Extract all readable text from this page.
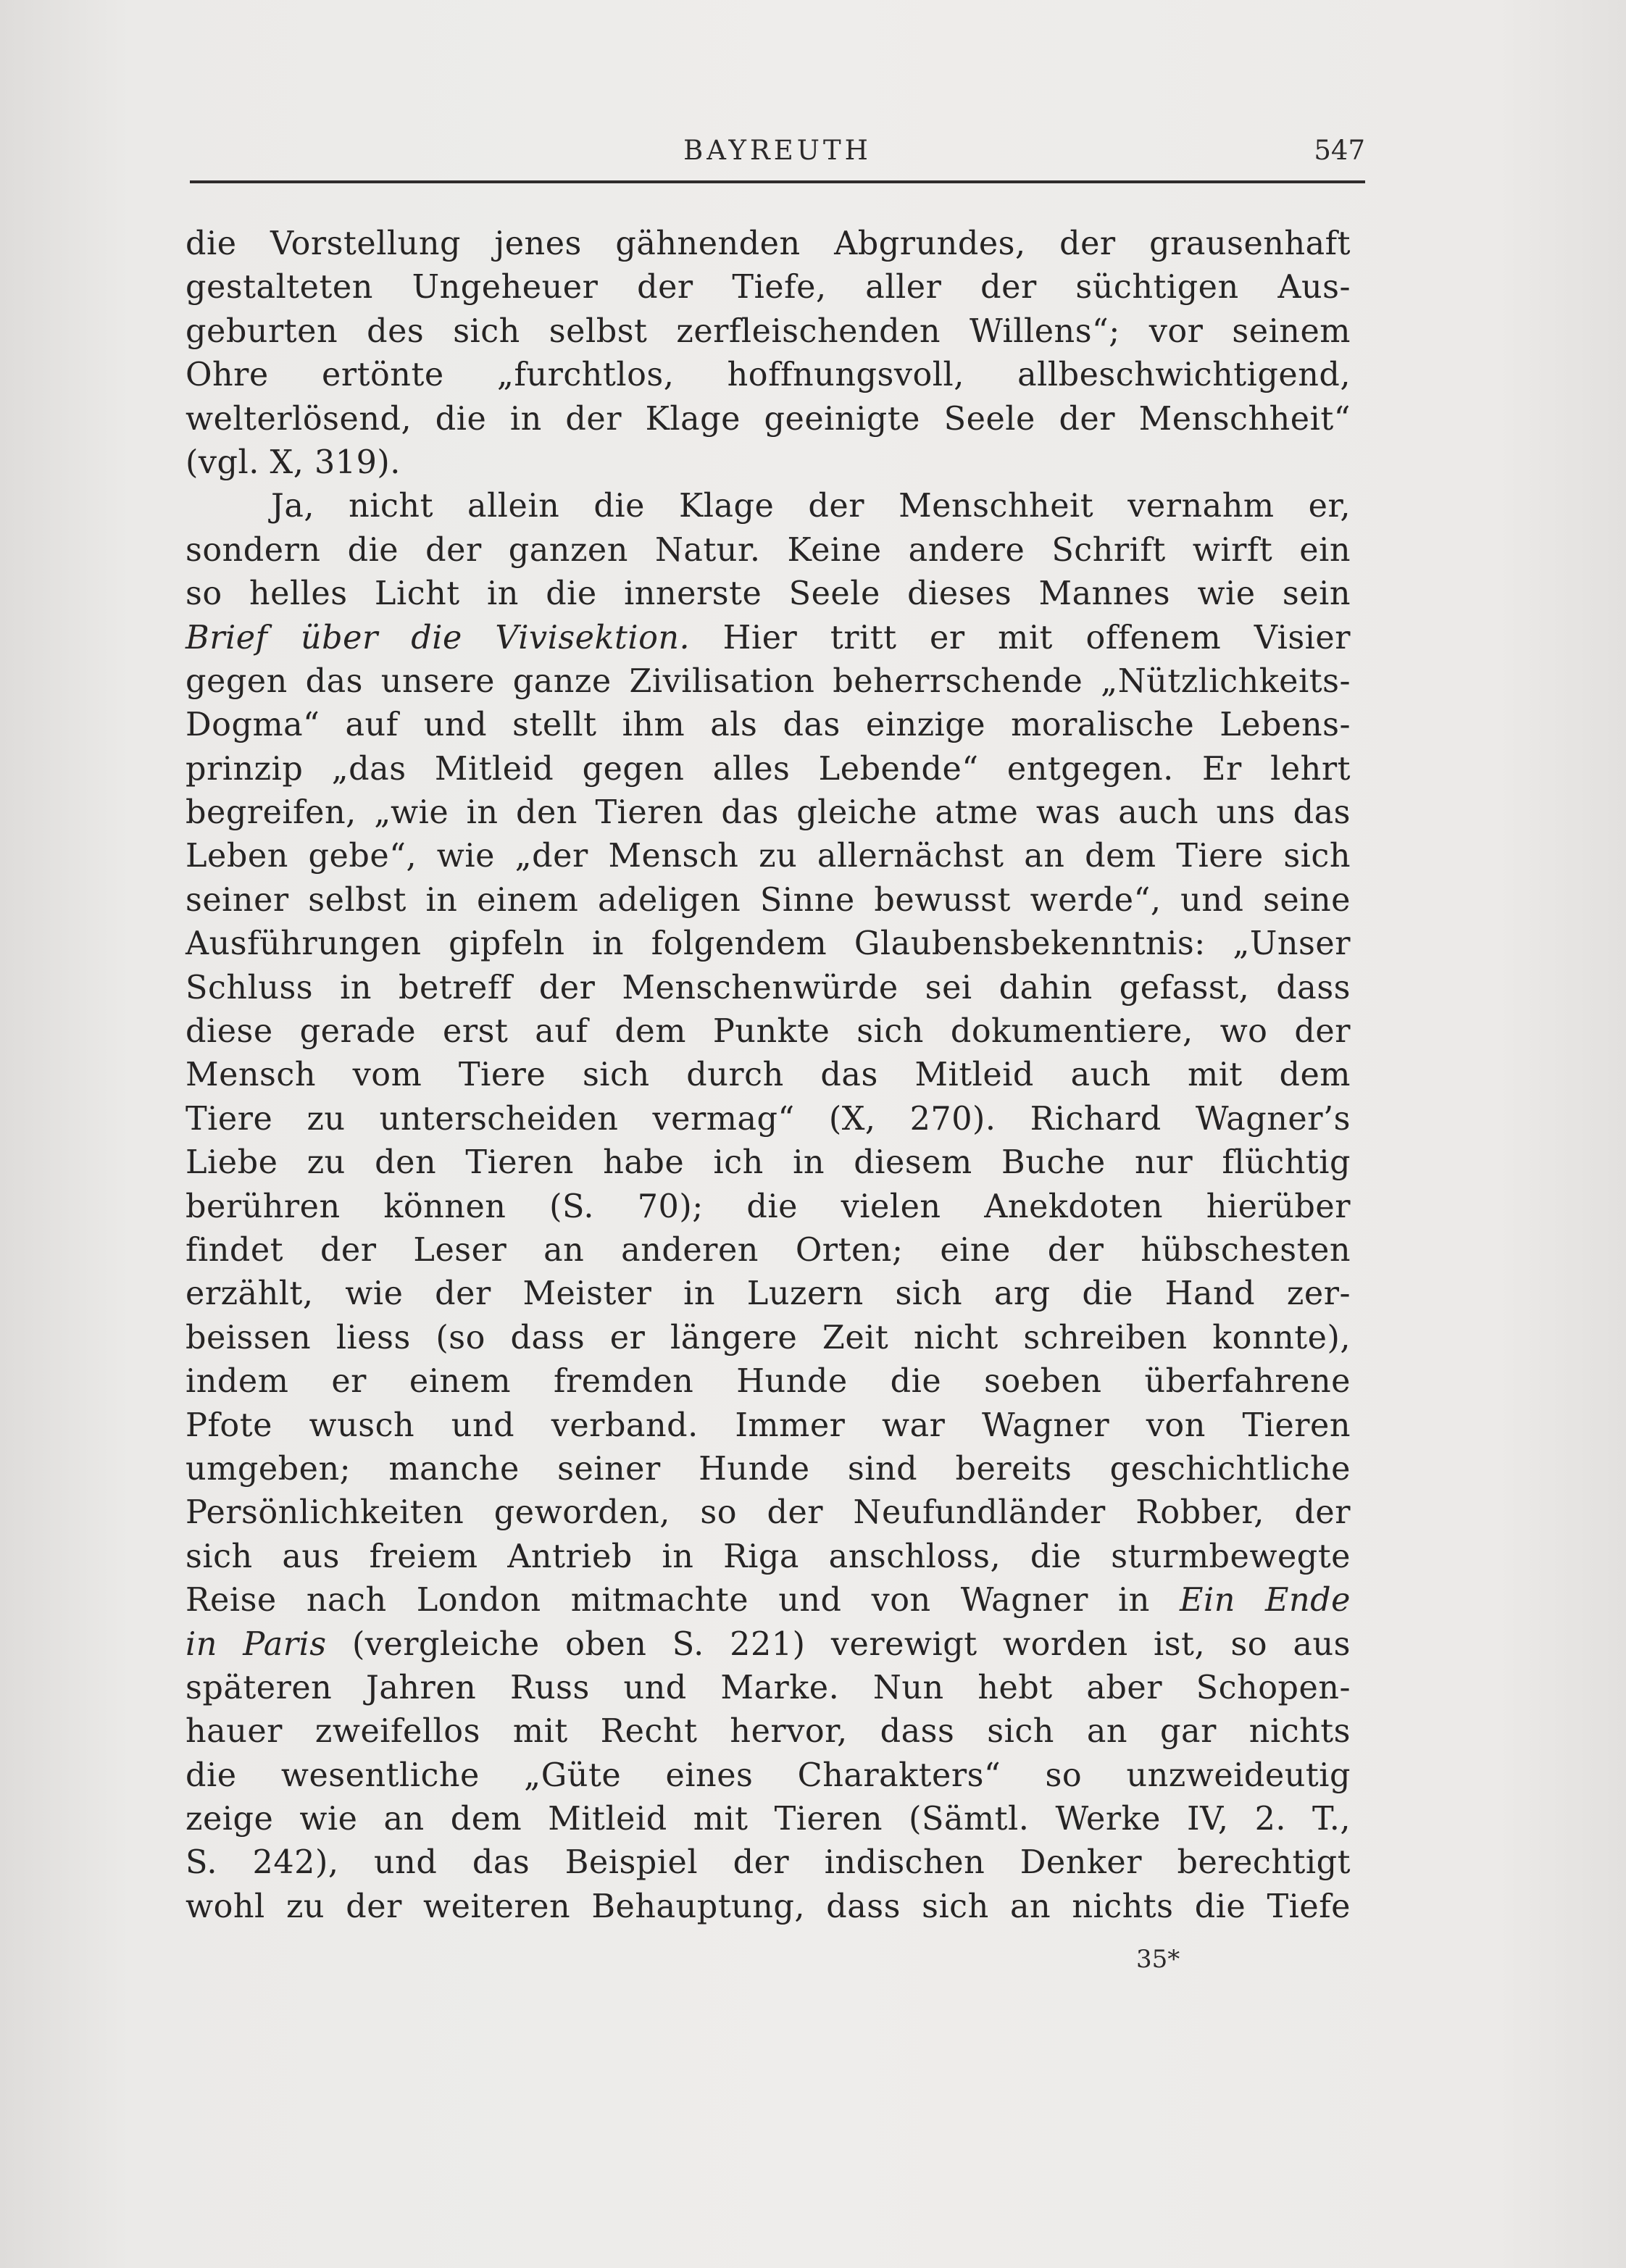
BAYREUTH	547
die Vorstellung jenes gähnenden Abgrundes, der grausenhaft
gestalteten Ungeheuer der Tiefe, aller der süchtigen Aus-
geburten des sich selbst zerfleischenden Willens“; vor seinem
Ohre ertönte „furchtlos, hoffnungsvoll, allbeschwichtigend,
welterlösend, die in der Klage geeinigte Seele der Menschheit“
(vgl. X, 319).
Ja, nicht allein die Klage der Menschheit vernahm er,
sondern die der ganzen Natur. Keine andere Schrift wirft ein
so helles Licht in die innerste Seele dieses Mannes wie sein
Brief über die Vivisektion. Hier tritt er mit offenem Visier
gegen das unsere ganze Zivilisation beherrschende „Nützlichkeits-
Dogma“ auf und stellt ihm als das einzige moralische Lebens-
prinzip „das Mitleid gegen alles Lebende“ entgegen. Er lehrt
begreifen, „wie in den Tieren das gleiche atme was auch uns das
Leben gebe“, wie „der Mensch zu allernächst an dem Tiere sich
seiner selbst in einem adeligen Sinne bewusst werde“, und seine
Ausführungen gipfeln in folgendem Glaubensbekenntnis: „Unser
Schluss in betreff der Menschenwürde sei dahin gefasst, dass
diese gerade erst auf dem Punkte sich dokumentiere, wo der
Mensch vom Tiere sich durch das Mitleid auch mit dem
Tiere zu unterscheiden vermag“ (X, 270). Richard Wagner’s
Liebe zu den Tieren habe ich in diesem Buche nur flüchtig
berühren können (S. 70); die vielen Anekdoten hierüber
findet der Leser an anderen Orten; eine der hübschesten
erzählt, wie der Meister in Luzern sich arg die Hand zer-
beissen liess (so dass er längere Zeit nicht schreiben konnte),
indem er einem fremden Hunde die soeben überfahrene
Pfote wusch und verband. Immer war Wagner von Tieren
umgeben; manche seiner Hunde sind bereits geschichtliche
Persönlichkeiten geworden, so der Neufundländer Robber, der
sich aus freiem Antrieb in Riga anschloss, die sturmbewegte
Reise nach London mitmachte und von Wagner in Ein Ende
in Paris (vergleiche oben S. 221) verewigt worden ist, so aus
späteren Jahren Russ und Marke. Nun hebt aber Schopen-
hauer zweifellos mit Recht hervor, dass sich an gar nichts
die wesentliche „Güte eines Charakters“ so unzweideutig
zeige wie an dem Mitleid mit Tieren (Sämtl. Werke IV, 2. T.,
S. 242), und das Beispiel der indischen Denker berechtigt
wohl zu der weiteren Behauptung, dass sich an nichts die Tiefe
35*
